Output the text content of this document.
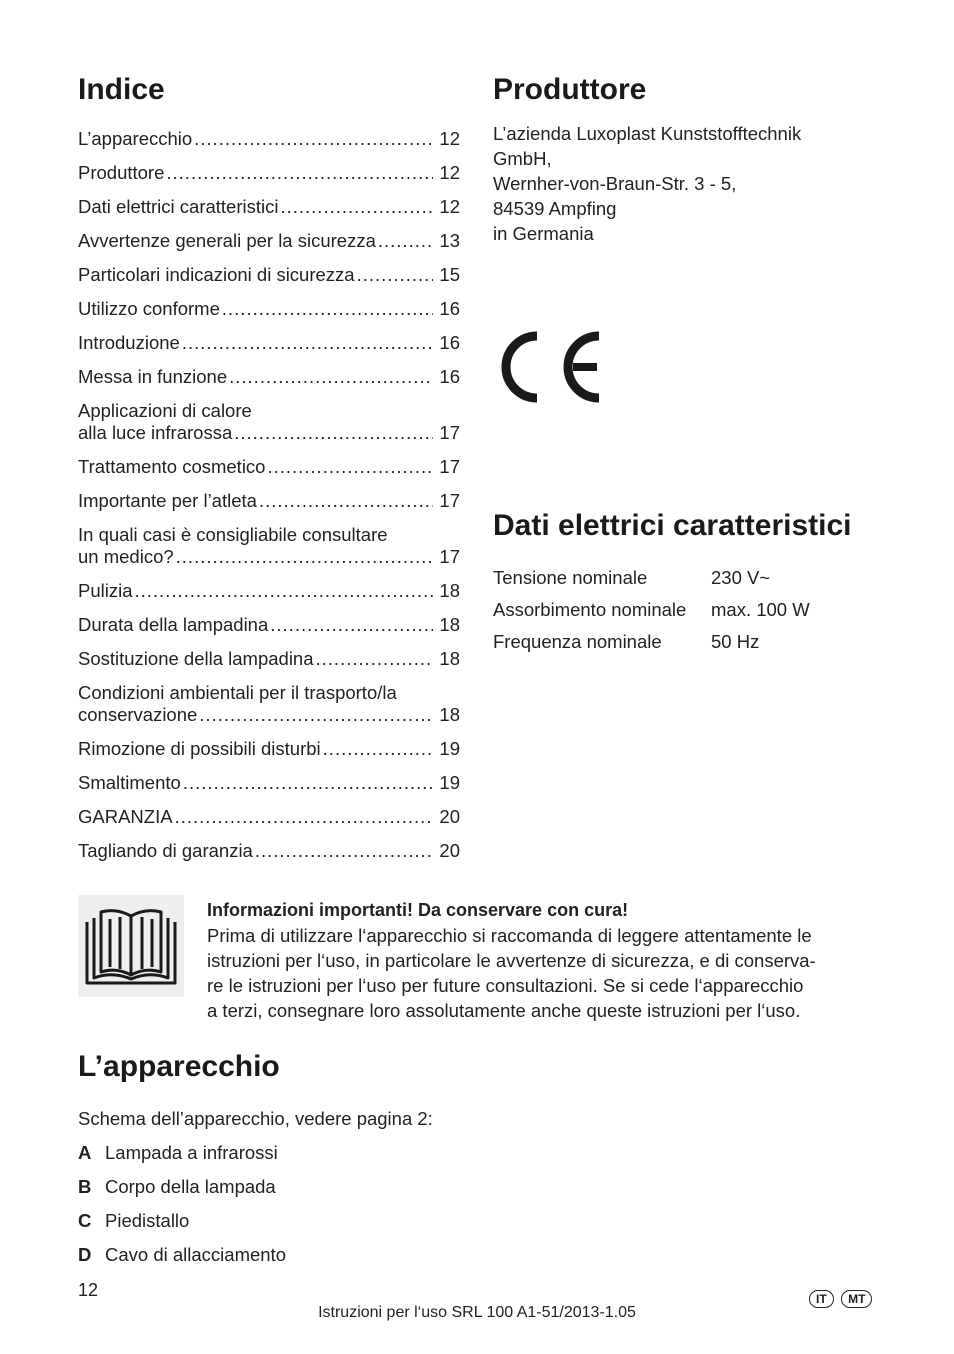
Indice
L’apparecchio .....	12
Produttore .....	12
Dati elettrici caratteristici .....	12
Avvertenze generali per la sicurezza .....	13
Particolari indicazioni di sicurezza .....	15
Utilizzo conforme .....	16
Introduzione .....	16
Messa in funzione .....	16
Applicazioni di calore
alla luce infrarossa .....	17
Trattamento cosmetico .....	17
Importante per l’atleta .....	17
In quali casi è consigliabile consultare
un medico? .....	17
Pulizia .....	18
Durata della lampadina .....	18
Sostituzione della lampadina .....	18
Condizioni ambientali per il trasporto/la
conservazione .....	18
Rimozione di possibili disturbi .....	19
Smaltimento .....	19
GARANZIA .....	20
Tagliando di garanzia .....	20
Produttore
L’azienda Luxoplast Kunststofftechnik
GmbH,
Wernher-von-Braun-Str. 3 - 5,
84539 Ampfing
in Germania
Dati elettrici caratteristici
Tensione nominale	230 V~
Assorbimento nominale	max. 100 W
Frequenza nominale	50 Hz
Informazioni importanti! Da conservare con cura!
Prima di utilizzare l‘apparecchio si raccomanda di leggere attentamente le
istruzioni per l‘uso, in particolare le avvertenze di sicurezza, e di conserva-
re le istruzioni per l‘uso per future consultazioni. Se si cede l‘apparecchio
a terzi, consegnare loro assolutamente anche queste istruzioni per l‘uso.
L’apparecchio
Schema dell’apparecchio, vedere pagina 2:
A Lampada a infrarossi
B Corpo della lampada
C Piedistallo
D Cavo di allacciamento
12
Istruzioni per l‘uso SRL 100 A1-51/2013-1.05
IT MT
